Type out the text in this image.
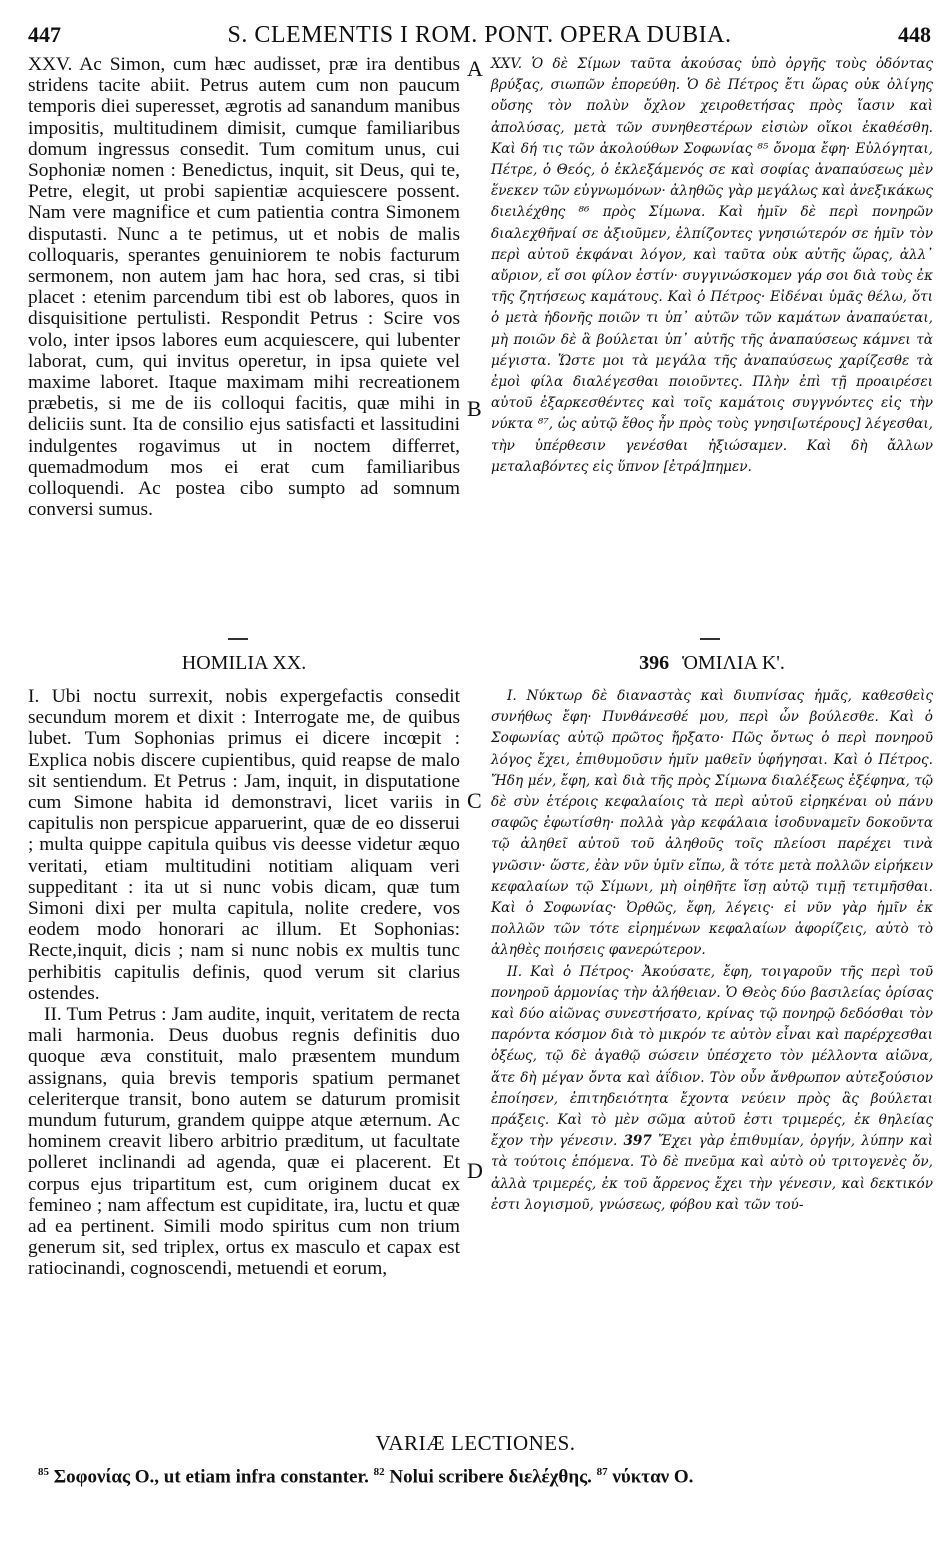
447	S. CLEMENTIS I ROM. PONT. OPERA DUBIA.	448

XXV. Ac Simon, cum hæc audisset, præ ira dentibus stridens tacite abiit. Petrus autem cum non paucum temporis diei superesset, ægrotis ad sanandum manibus impositis, multitudinem dimisit, cumque familiaribus domum ingressus consedit. Tum comitum unus, cui Sophoniæ nomen : Benedictus, inquit, sit Deus, qui te, Petre, elegit, ut probi sapientiæ acquiescere possent. Nam vere magnifice et cum patientia contra Simonem disputasti. Nunc a te petimus, ut et nobis de malis colloquaris, sperantes genuiniorem te nobis facturum sermonem, non autem jam hac hora, sed cras, si tibi placet : etenim parcendum tibi est ob labores, quos in disquisitione pertulisti. Respondit Petrus : Scire vos volo, inter ipsos labores eum acquiescere, qui lubenter laborat, cum, qui invitus operetur, in ipsa quiete vel maxime laboret. Itaque maximam mihi recreationem præbetis, si me de iis colloqui facitis, quæ mihi in deliciis sunt. Ita de consilio ejus satisfacti et lassitudini indulgentes rogavimus ut in noctem differret, quemadmodum mos ei erat cum familiaribus colloquendi. Ac postea cibo sumpto ad somnum conversi sumus.

HOMILIA XX.	396 ὉΜΙΛΙΑ Κ'.

I. Ubi noctu surrexit, nobis expergefactis consedit secundum morem et dixit : Interrogate me, de quibus lubet. Tum Sophonias primus ei dicere incœpit : Explica nobis discere cupientibus, quid reapse de malo sit sentiendum. Et Petrus : Jam, inquit, in disputatione cum Simone habita id demonstravi, licet variis in capitulis non perspicue apparuerint, quæ de eo disserui ; multa quippe capitula quibus vis deesse videtur æquo veritati, etiam multitudini notitiam aliquam veri suppeditant : ita ut si nunc vobis dicam, quæ tum Simoni dixi per multa capitula, nolite credere, vos eodem modo honorari ac illum. Et Sophonias: Recte,inquit, dicis ; nam si nunc nobis ex multis tunc perhibitis capitulis definis, quod verum sit clarius ostendes.

II. Tum Petrus : Jam audite, inquit, veritatem de recta mali harmonia. Deus duobus regnis definitis duo quoque æva constituit, malo præsentem mundum assignans, quia brevis temporis spatium permanet celeriterque transit, bono autem se daturum promisit mundum futurum, grandem quippe atque æternum. Ac hominem creavit libero arbitrio præditum, ut facultate polleret inclinandi ad agenda, quæ ei placerent. Et corpus ejus tripartitum est, cum originem ducat ex femineo ; nam affectum est cupiditate, ira, luctu et quæ ad ea pertinent. Simili modo spiritus cum non trium generum sit, sed triplex, ortus ex masculo et capax est ratiocinandi, cognoscendi, metuendi et eorum,

XXV. Ὁ δὲ Σίμων ταῦτα ἀκούσας ὑπὸ ὀργῆς τοὺς ὀδόντας βρύξας, σιωπῶν ἐπορεύθη. Ὁ δὲ Πέτρος ἔτι ὥρας οὐκ ὀλίγης οὔσης τὸν πολὺν ὄχλον χειροθετήσας πρὸς ἴασιν καὶ ἀπολύσας, μετὰ τῶν συνηθεστέρων εἰσιὼν οἴκοι ἐκαθέσθη. Καὶ δή τις τῶν ἀκολούθων Σοφωνίας ⁸⁵ ὄνομα ἔφη· Εὐλόγηται, Πέτρε, ὁ Θεός, ὁ ἐκλεξάμενός σε καὶ σοφίας ἀναπαύσεως μὲν ἕνεκεν τῶν εὐγνωμόνων· ἀληθῶς γὰρ μεγάλως καὶ ἀνεξικάκως διειλέχθης ⁸⁶ πρὸς Σίμωνα. Καὶ ἡμῖν δὲ περὶ πονηρῶν διαλεχθῆναί σε ἀξιοῦμεν, ἐλπίζοντες γνησιώτερόν σε ἡμῖν τὸν περὶ αὐτοῦ ἐκφάναι λόγον, καὶ ταῦτα οὐκ αὐτῆς ὥρας, ἀλλ᾽ αὔριον, εἴ σοι φίλον ἐστίν· συγγινώσκομεν γάρ σοι διὰ τοὺς ἐκ τῆς ζητήσεως καμάτους. Καὶ ὁ Πέτρος· Εἰδέναι ὑμᾶς θέλω, ὅτι ὁ μετὰ ἡδονῆς ποιῶν τι ὑπ᾽ αὐτῶν τῶν καμάτων ἀναπαύεται, μὴ ποιῶν δὲ ἃ βούλεται ὑπ᾽ αὐτῆς τῆς ἀναπαύσεως κάμνει τὰ μέγιστα. Ὥστε μοι τὰ μεγάλα τῆς ἀναπαύσεως χαρίζεσθε τὰ ἐμοὶ φίλα διαλέγεσθαι ποιοῦντες. Πλὴν ἐπὶ τῇ προαιρέσει αὐτοῦ ἐξαρκεσθέντες καὶ τοῖς καμάτοις συγγνόντες εἰς τὴν νύκτα ⁸⁷, ὡς αὐτῷ ἔθος ἦν πρὸς τοὺς γνησι[ωτέρους] λέγεσθαι, τὴν ὑπέρθεσιν γενέσθαι ἠξιώσαμεν. Καὶ δὴ ἄλλων μεταλαβόντες εἰς ὕπνον [ἐτρά]πημεν.

I. Νύκτωρ δὲ διαναστὰς καὶ διυπνίσας ἡμᾶς, καθεσθεὶς συνήθως ἔφη· Πυνθάνεσθέ μου, περὶ ὧν βούλεσθε. Καὶ ὁ Σοφωνίας αὐτῷ πρῶτος ἤρξατο· Πῶς ὄντως ὁ περὶ πονηροῦ λόγος ἔχει, ἐπιθυμοῦσιν ἡμῖν μαθεῖν ὑφήγησαι. Καὶ ὁ Πέτρος. Ἤδη μέν, ἔφη, καὶ διὰ τῆς πρὸς Σίμωνα διαλέξεως ἐξέφηνα, τῷ δὲ σὺν ἑτέροις κεφαλαίοις τὰ περὶ αὐτοῦ εἰρηκέναι οὐ πάνυ σαφῶς ἐφωτίσθη· πολλὰ γὰρ κεφάλαια ἰσοδυναμεῖν δοκοῦντα τῷ ἀληθεῖ αὐτοῦ τοῦ ἀληθοῦς τοῖς πλείοσι παρέχει τινὰ γνῶσιν· ὥστε, ἐὰν νῦν ὑμῖν εἴπω, ἃ τότε μετὰ πολλῶν εἰρήκειν κεφαλαίων τῷ Σίμωνι, μὴ οἰηθῆτε ἴσῃ αὐτῷ τιμῇ τετιμῆσθαι. Καὶ ὁ Σοφωνίας· Ὀρθῶς, ἔφη, λέγεις· εἰ νῦν γὰρ ἡμῖν ἐκ πολλῶν τῶν τότε εἰρημένων κεφαλαίων ἀφορίζεις, αὐτὸ τὸ ἀληθὲς ποιήσεις φανερώτερον.

II. Καὶ ὁ Πέτρος· Ἀκούσατε, ἔφη, τοιγαροῦν τῆς περὶ τοῦ πονηροῦ ἁρμονίας τὴν ἀλήθειαν. Ὁ Θεὸς δύο βασιλείας ὁρίσας καὶ δύο αἰῶνας συνεστήσατο, κρίνας τῷ πονηρῷ δεδόσθαι τὸν παρόντα κόσμον διὰ τὸ μικρόν τε αὐτὸν εἶναι καὶ παρέρχεσθαι ὀξέως, τῷ δὲ ἀγαθῷ σώσειν ὑπέσχετο τὸν μέλλοντα αἰῶνα, ἅτε δὴ μέγαν ὄντα καὶ ἀΐδιον. Τὸν οὖν ἄνθρωπον αὐτεξούσιον ἐποίησεν, ἐπιτηδειότητα ἔχοντα νεύειν πρὸς ἃς βούλεται πράξεις. Καὶ τὸ μὲν σῶμα αὐτοῦ ἐστι τριμερές, ἐκ θηλείας ἔχον τὴν γένεσιν. 397 Ἔχει γὰρ ἐπιθυμίαν, ὀργήν, λύπην καὶ τὰ τούτοις ἑπόμενα. Τὸ δὲ πνεῦμα καὶ αὐτὸ οὐ τριτογενὲς ὄν, ἀλλὰ τριμερές, ἐκ τοῦ ἄρρενος ἔχει τὴν γένεσιν, καὶ δεκτικόν ἐστι λογισμοῦ, γνώσεως, φόβου καὶ τῶν τού-

A
B
C
D
VARIÆ LECTIONES.
$^{85}$ Σοφονίας O., ut etiam infra constanter. $^{82}$ Nolui scribere διελέχθης. $^{87}$ νύκταν O.
